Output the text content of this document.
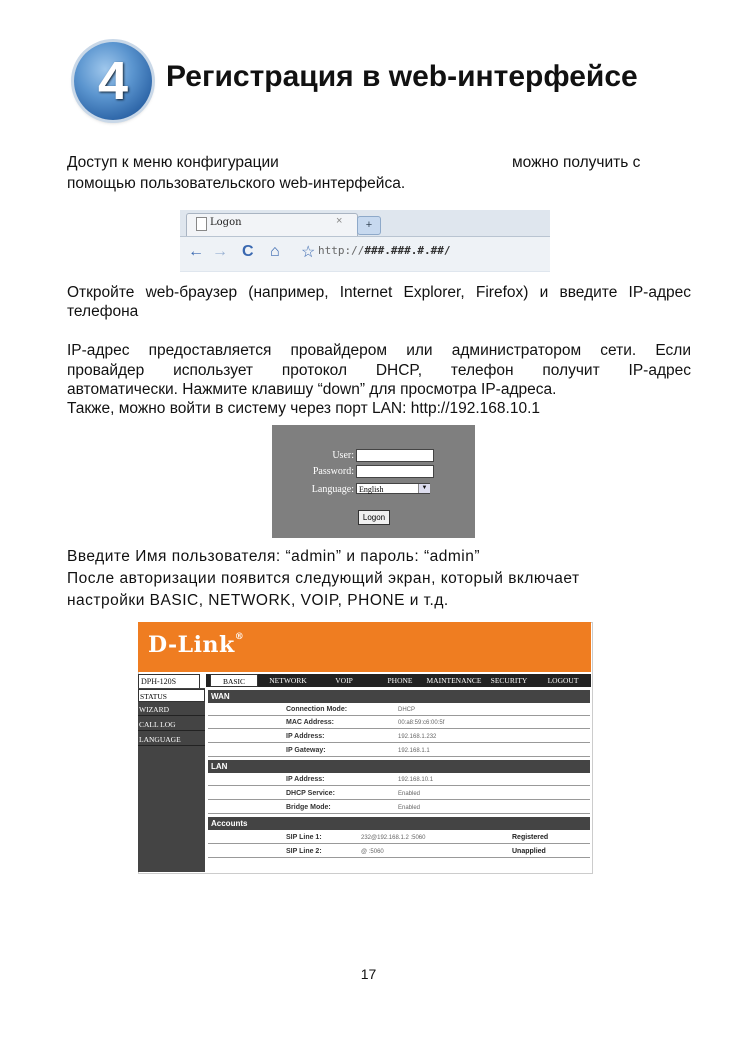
4	Регистрация в web-интерфейсе
Доступ к меню конфигурации	можно получить с
помощью пользовательского web-интерфейса.
Logon	×	+
← → C ⌂ ☆ http://###.###.#.##/
Откройте web-браузер (например, Internet Explorer, Firefox) и введите IP-адрес телефона
IP-адрес предоставляется провайдером или администратором сети. Если
провайдер использует протокол DHCP, телефон получит IP-адрес
автоматически. Нажмите клавишу “down” для просмотра IP-адреса.
Также, можно войти в систему через порт LAN: http://192.168.10.1
User:
Password:
Language: English	▼
Logon
Введите Имя пользователя: “admin” и пароль: “admin”
После авторизации появится следующий экран, который включает
настройки BASIC, NETWORK, VOIP, PHONE и т.д.
D-Link®
DPH-120S	BASIC	NETWORK	VOIP	PHONE	MAINTENANCE	SECURITY	LOGOUT
STATUS
WIZARD
CALL LOG
LANGUAGE
WAN
Connection Mode:	DHCP
MAC Address:	00:a8:59:c6:00:5f
IP Address:	192.168.1.232
IP Gateway:	192.168.1.1
LAN
IP Address:	192.168.10.1
DHCP Service:	Enabled
Bridge Mode:	Enabled
Accounts
SIP Line 1:	232@192.168.1.2 :5060	Registered
SIP Line 2:	@ :5060	Unapplied
17
